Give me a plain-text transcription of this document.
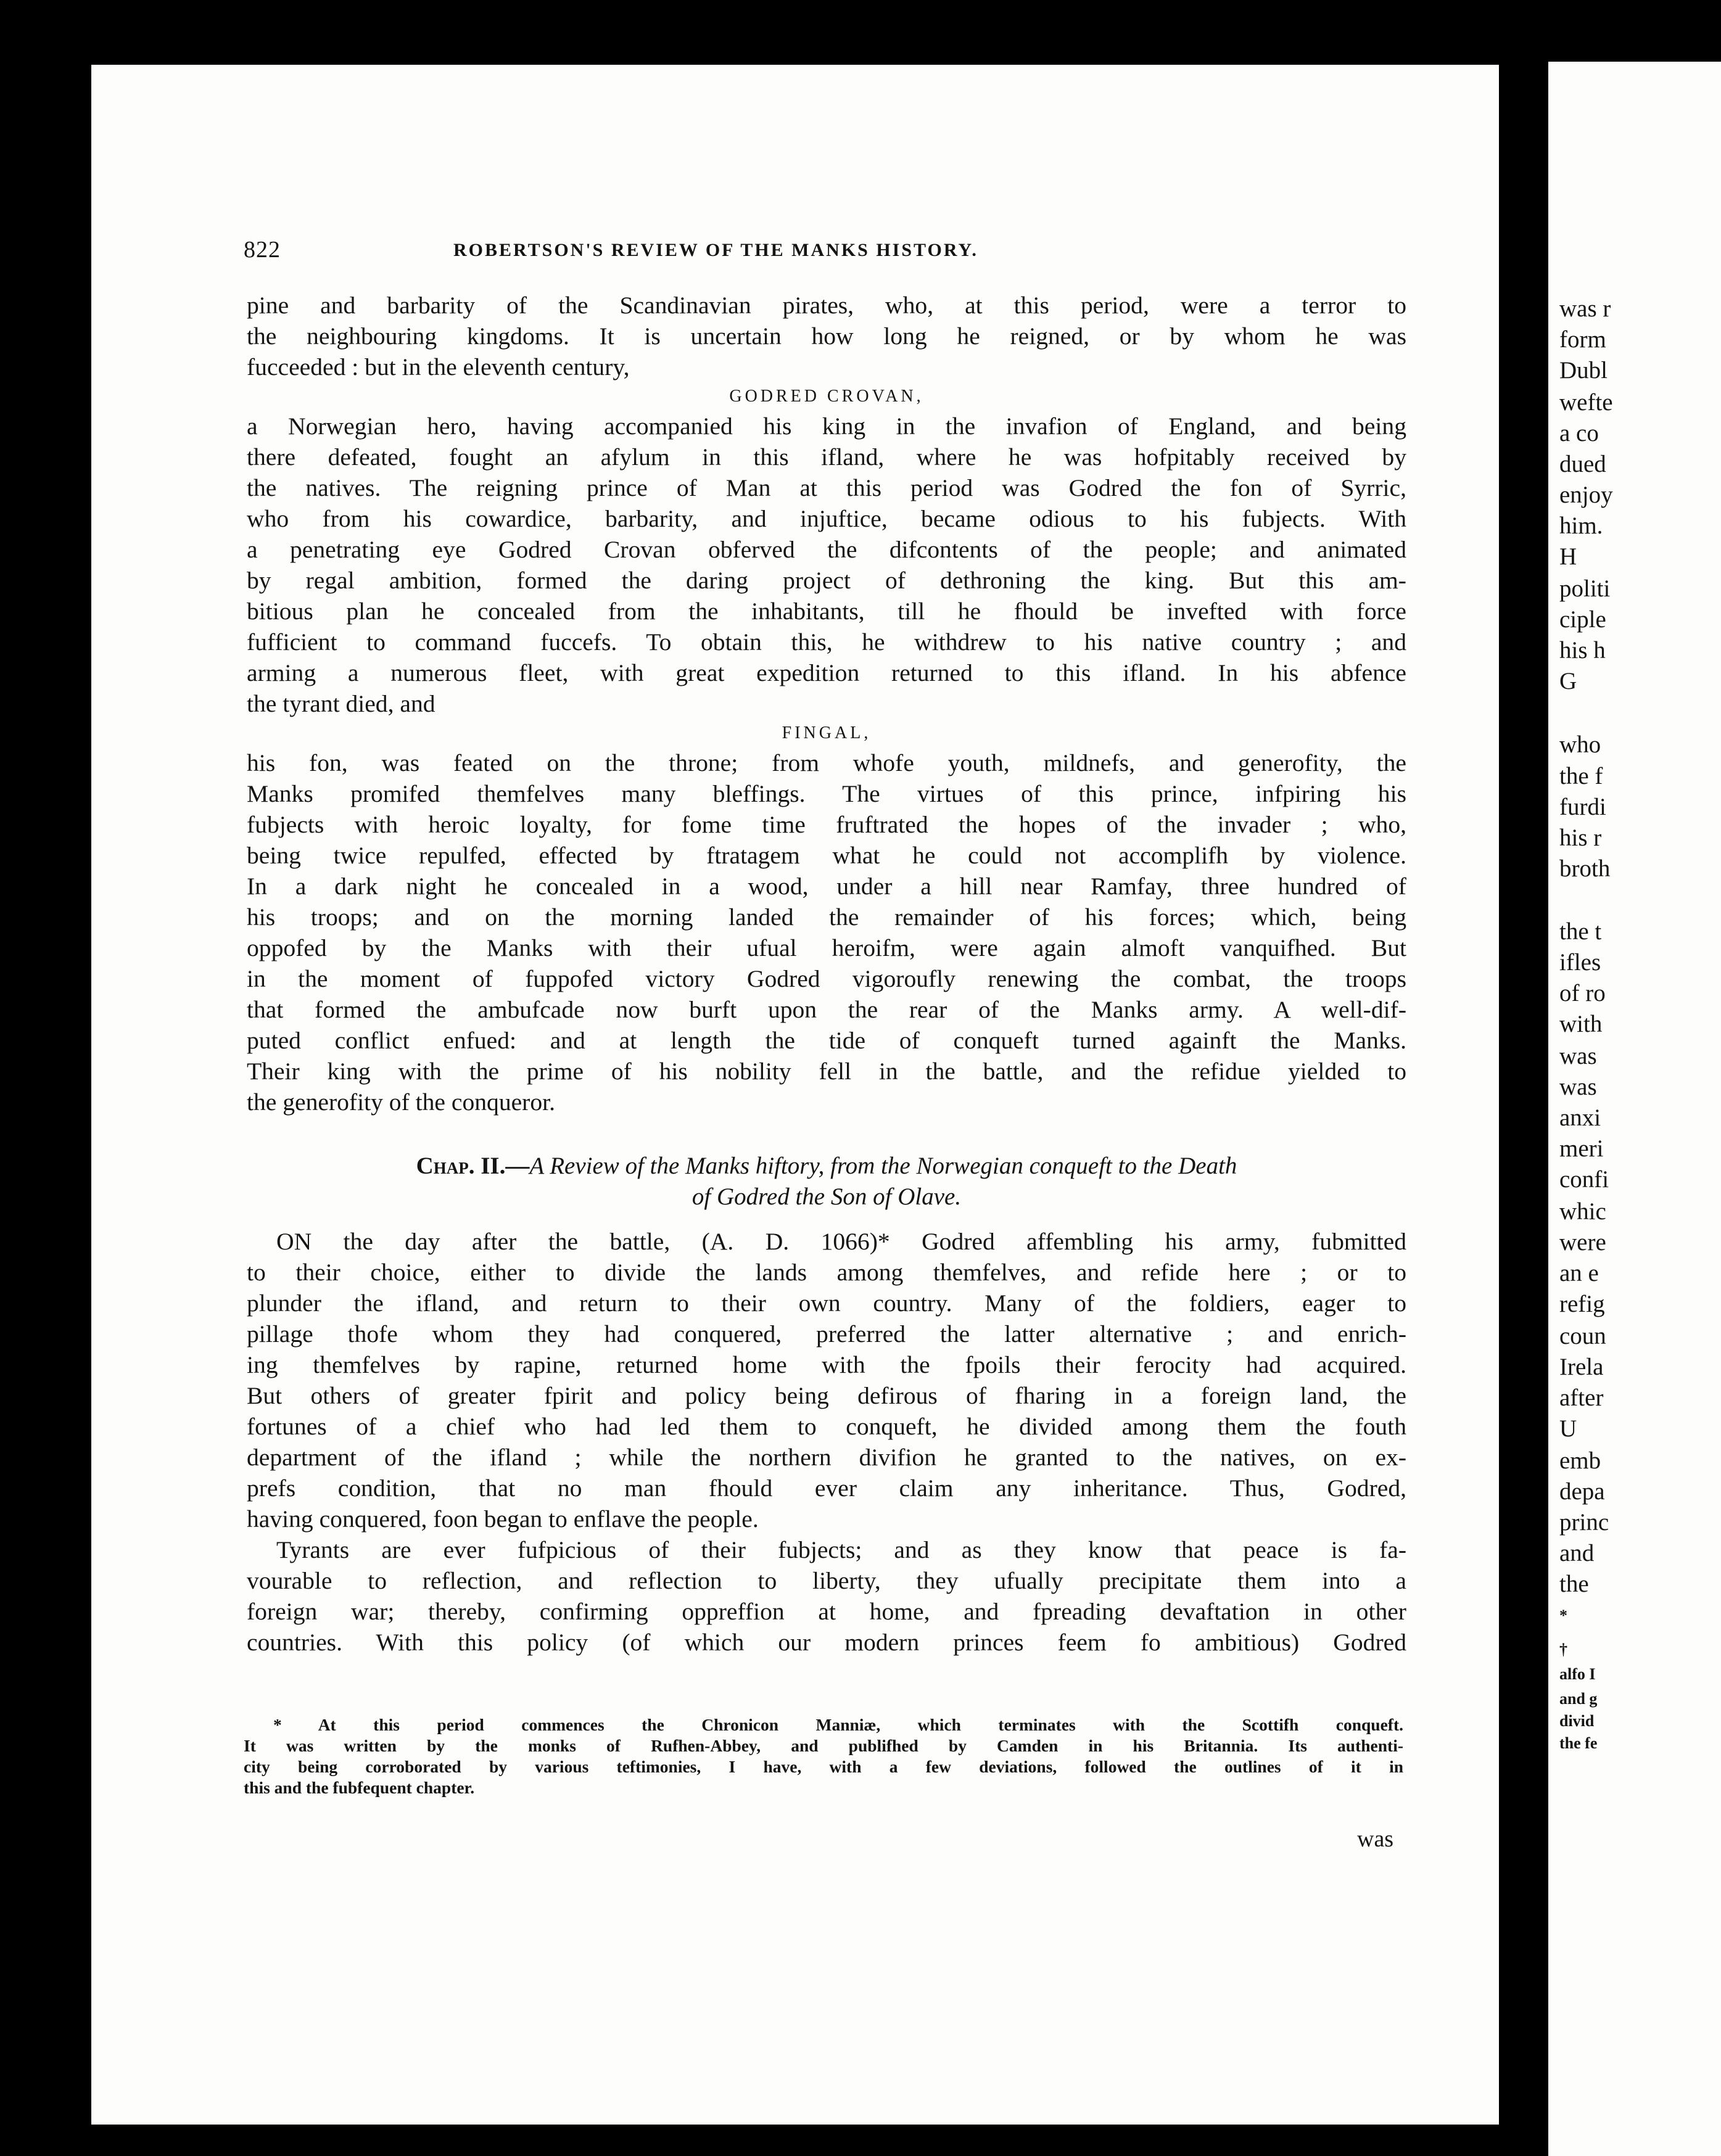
822	ROBERTSON'S REVIEW OF THE MANKS HISTORY.

pine and barbarity of the Scandinavian pirates, who, at this period, were a terror to
the neighbouring kingdoms. It is uncertain how long he reigned, or by whom he was
fucceeded : but in the eleventh century,

GODRED CROVAN,

a Norwegian hero, having accompanied his king in the invafion of England, and being
there defeated, fought an afylum in this ifland, where he was hofpitably received by
the natives. The reigning prince of Man at this period was Godred the fon of Syrric,
who from his cowardice, barbarity, and injuftice, became odious to his fubjects. With
a penetrating eye Godred Crovan obferved the difcontents of the people; and animated
by regal ambition, formed the daring project of dethroning the king. But this am-
bitious plan he concealed from the inhabitants, till he fhould be invefted with force
fufficient to command fuccefs. To obtain this, he withdrew to his native country ; and
arming a numerous fleet, with great expedition returned to this ifland. In his abfence
the tyrant died, and

FINGAL,

his fon, was feated on the throne; from whofe youth, mildnefs, and generofity, the
Manks promifed themfelves many bleffings. The virtues of this prince, infpiring his
fubjects with heroic loyalty, for fome time fruftrated the hopes of the invader ; who,
being twice repulfed, effected by ftratagem what he could not accomplifh by violence.
In a dark night he concealed in a wood, under a hill near Ramfay, three hundred of
his troops; and on the morning landed the remainder of his forces; which, being
oppofed by the Manks with their ufual heroifm, were again almoft vanquifhed. But
in the moment of fuppofed victory Godred vigoroufly renewing the combat, the troops
that formed the ambufcade now burft upon the rear of the Manks army. A well-dif-
puted conflict enfued: and at length the tide of conqueft turned againft the Manks.
Their king with the prime of his nobility fell in the battle, and the refidue yielded to
the generofity of the conqueror.

Chap. II.—A Review of the Manks hiftory, from the Norwegian conqueft to the Death
of Godred the Son of Olave.

ON the day after the battle, (A. D. 1066)* Godred affembling his army, fubmitted
to their choice, either to divide the lands among themfelves, and refide here ; or to
plunder the ifland, and return to their own country. Many of the foldiers, eager to
pillage thofe whom they had conquered, preferred the latter alternative ; and enrich-
ing themfelves by rapine, returned home with the fpoils their ferocity had acquired.
But others of greater fpirit and policy being defirous of fharing in a foreign land, the
fortunes of a chief who had led them to conqueft, he divided among them the fouth
department of the ifland ; while the northern divifion he granted to the natives, on ex-
prefs condition, that no man fhould ever claim any inheritance. Thus, Godred,
having conquered, foon began to enflave the people.

Tyrants are ever fufpicious of their fubjects; and as they know that peace is fa-
vourable to reflection, and reflection to liberty, they ufually precipitate them into a
foreign war; thereby, confirming oppreffion at home, and fpreading devaftation in other
countries. With this policy (of which our modern princes feem fo ambitious) Godred

* At this period commences the Chronicon Manniæ, which terminates with the Scottifh conqueft.
It was written by the monks of Rufhen-Abbey, and publifhed by Camden in his Britannia. Its authenti-
city being corroborated by various teftimonies, I have, with a few deviations, followed the outlines of it in
this and the fubfequent chapter.
was
was r
form
Dubl
wefte
a co
dued
enjoy
him.
H
politi
ciple
his h
G
who
the f
furdi
his r
broth
the t
ifles
of ro
with
was
was
anxi
meri
confi
whic
were
an e
refig
coun
Irela
after
U
emb
depa
princ
and
the
*
†
alfo I
and g
divid
the fe
